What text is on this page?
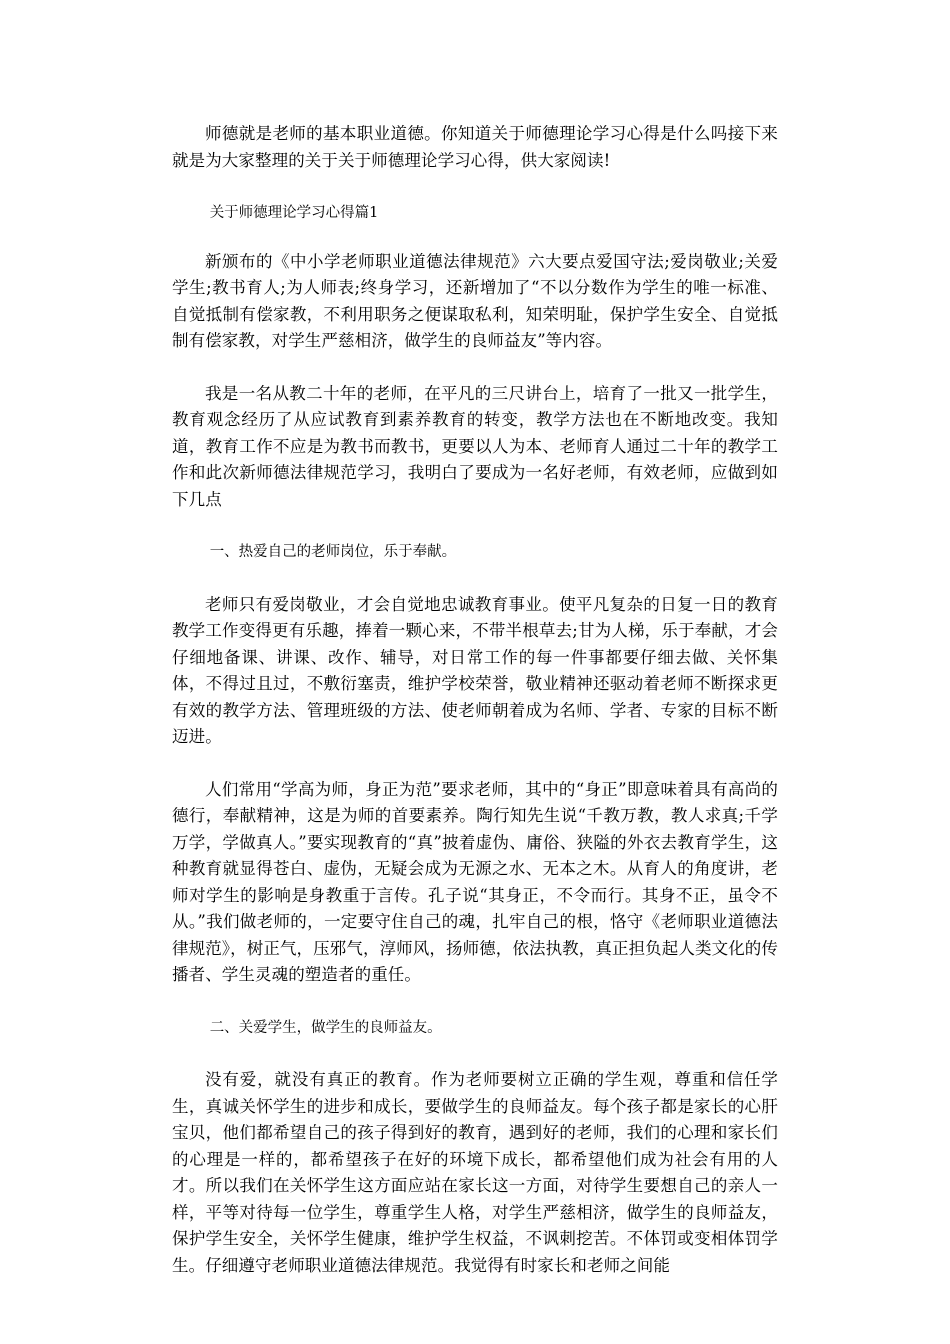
师德就是老师的基本职业道德。你知道关于师德理论学习心得是什么吗接下来就是为大家整理的关于关于师德理论学习心得，供大家阅读!

关于师德理论学习心得篇1

新颁布的《中小学老师职业道德法律规范》六大要点爱国守法;爱岗敬业;关爱学生;教书育人;为人师表;终身学习，还新增加了“不以分数作为学生的唯一标准、自觉抵制有偿家教，不利用职务之便谋取私利，知荣明耻，保护学生安全、自觉抵制有偿家教，对学生严慈相济，做学生的良师益友”等内容。

我是一名从教二十年的老师，在平凡的三尺讲台上，培育了一批又一批学生，教育观念经历了从应试教育到素养教育的转变，教学方法也在不断地改变。我知道，教育工作不应是为教书而教书，更要以人为本、老师育人通过二十年的教学工作和此次新师德法律规范学习，我明白了要成为一名好老师，有效老师，应做到如下几点

一、热爱自己的老师岗位，乐于奉献。

老师只有爱岗敬业，才会自觉地忠诚教育事业。使平凡复杂的日复一日的教育教学工作变得更有乐趣，捧着一颗心来，不带半根草去;甘为人梯，乐于奉献，才会仔细地备课、讲课、改作、辅导，对日常工作的每一件事都要仔细去做、关怀集体，不得过且过，不敷衍塞责，维护学校荣誉，敬业精神还驱动着老师不断探求更有效的教学方法、管理班级的方法、使老师朝着成为名师、学者、专家的目标不断迈进。

人们常用“学高为师，身正为范”要求老师，其中的“身正”即意味着具有高尚的德行，奉献精神，这是为师的首要素养。陶行知先生说“千教万教，教人求真;千学万学，学做真人。”要实现教育的“真”披着虚伪、庸俗、狭隘的外衣去教育学生，这种教育就显得苍白、虚伪，无疑会成为无源之水、无本之木。从育人的角度讲，老师对学生的影响是身教重于言传。孔子说“其身正，不令而行。其身不正，虽令不从。”我们做老师的，一定要守住自己的魂，扎牢自己的根，恪守《老师职业道德法律规范》，树正气，压邪气，淳师风，扬师德，依法执教，真正担负起人类文化的传播者、学生灵魂的塑造者的重任。

二、关爱学生，做学生的良师益友。

没有爱，就没有真正的教育。作为老师要树立正确的学生观，尊重和信任学生，真诚关怀学生的进步和成长，要做学生的良师益友。每个孩子都是家长的心肝宝贝，他们都希望自己的孩子得到好的教育，遇到好的老师，我们的心理和家长们的心理是一样的，都希望孩子在好的环境下成长，都希望他们成为社会有用的人才。所以我们在关怀学生这方面应站在家长这一方面，对待学生要想自己的亲人一样，平等对待每一位学生，尊重学生人格，对学生严慈相济，做学生的良师益友，保护学生安全，关怀学生健康，维护学生权益，不讽刺挖苦。不体罚或变相体罚学生。仔细遵守老师职业道德法律规范。我觉得有时家长和老师之间能
